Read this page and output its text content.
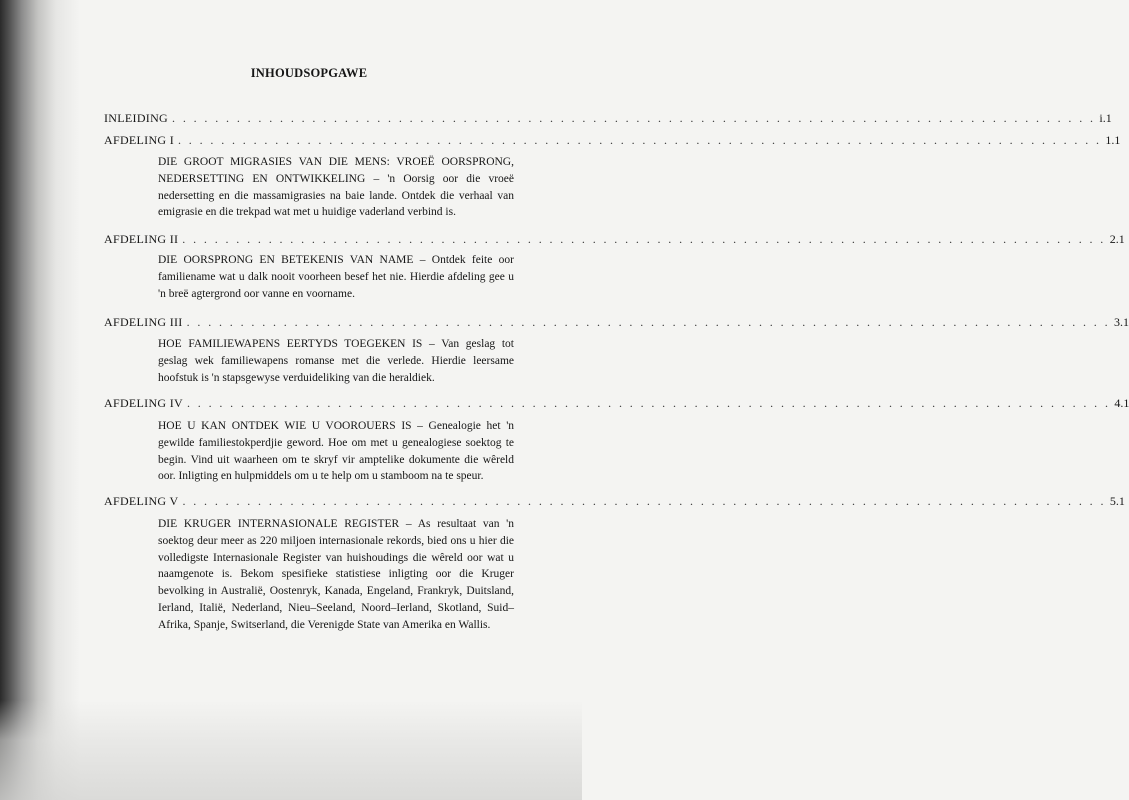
INHOUDSOPGAWE
INLEIDING . . . . . . . . . . . . . . . . . . . . . . . . . . . . . . . . . . . . . . . . . . . . . . . . . . . . . . . . . . . . . . . . . . . . . . . . . . . . . . . . . . . . . . i.1
AFDELING I . . . . . . . . . . . . . . . . . . . . . . . . . . . . . . . . . . . . . . . . . . . . . . . . . . . . . . . . . . . . . . . . . . . . . . . . . . . . . . . . . . . . . . 1.1
DIE GROOT MIGRASIES VAN DIE MENS: VROEË OORSPRONG, NEDERSETTING EN ONTWIKKELING – 'n Oorsig oor die vroeë nedersetting en die massamigrasies na baie lande. Ontdek die verhaal van emigrasie en die trekpad wat met u huidige vaderland verbind is.
AFDELING II . . . . . . . . . . . . . . . . . . . . . . . . . . . . . . . . . . . . . . . . . . . . . . . . . . . . . . . . . . . . . . . . . . . . . . . . . . . . . . . . . . . . . . 2.1
DIE OORSPRONG EN BETEKENIS VAN NAME – Ontdek feite oor familiename wat u dalk nooit voorheen besef het nie. Hierdie afdeling gee u 'n breë agtergrond oor vanne en voorname.
AFDELING III . . . . . . . . . . . . . . . . . . . . . . . . . . . . . . . . . . . . . . . . . . . . . . . . . . . . . . . . . . . . . . . . . . . . . . . . . . . . . . . . . . . . . . 3.1
HOE FAMILIEWAPENS EERTYDS TOEGEKEN IS – Van geslag tot geslag wek familiewapens romanse met die verlede. Hierdie leersame hoofstuk is 'n stapsgewyse verduideliking van die heraldiek.
AFDELING IV . . . . . . . . . . . . . . . . . . . . . . . . . . . . . . . . . . . . . . . . . . . . . . . . . . . . . . . . . . . . . . . . . . . . . . . . . . . . . . . . . . . . . . 4.1
HOE U KAN ONTDEK WIE U VOOROUERS IS – Genealogie het 'n gewilde familiestokperdjie geword. Hoe om met u genealogiese soektog te begin. Vind uit waarheen om te skryf vir amptelike dokumente die wêreld oor. Inligting en hulpmiddels om u te help om u stamboom na te speur.
AFDELING V . . . . . . . . . . . . . . . . . . . . . . . . . . . . . . . . . . . . . . . . . . . . . . . . . . . . . . . . . . . . . . . . . . . . . . . . . . . . . . . . . . . . . . 5.1
DIE KRUGER INTERNASIONALE REGISTER – As resultaat van 'n soektog deur meer as 220 miljoen internasionale rekords, bied ons u hier die volledigste Internasionale Register van huishoudings die wêreld oor wat u naamgenote is. Bekom spesifieke statistiese inligting oor die Kruger bevolking in Australië, Oostenryk, Kanada, Engeland, Frankryk, Duitsland, Ierland, Italië, Nederland, Nieu–Seeland, Noord–Ierland, Skotland, Suid–Afrika, Spanje, Switserland, die Verenigde State van Amerika en Wallis.
